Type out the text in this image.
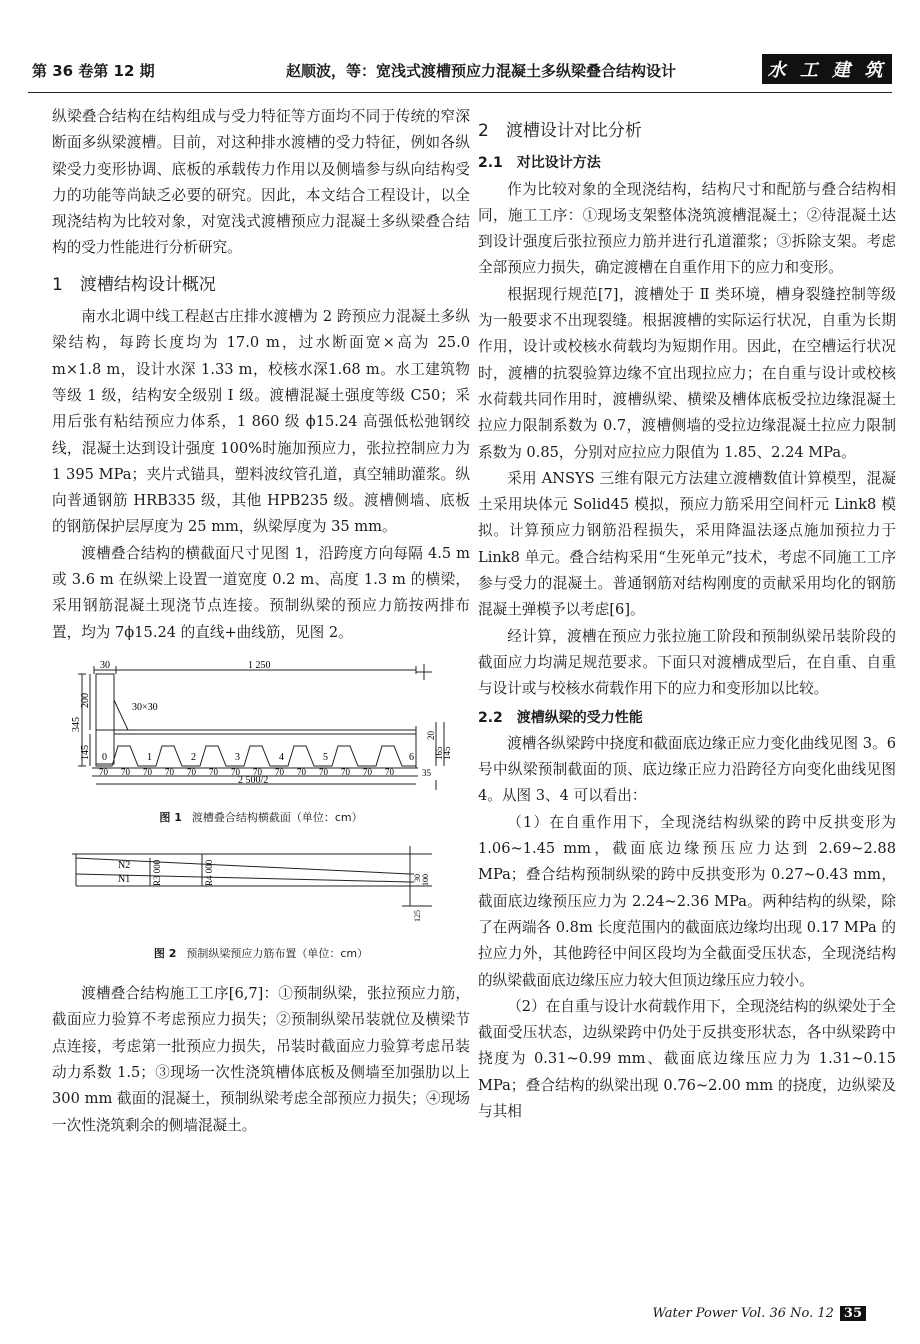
第 36 卷第 12 期	赵顺波，等：宽浅式渡槽预应力混凝土多纵梁叠合结构设计	水 工 建 筑

纵梁叠合结构在结构组成与受力特征等方面均不同于传统的窄深断面多纵梁渡槽。目前，对这种排水渡槽的受力特征，例如各纵梁受力变形协调、底板的承载传力作用以及侧墙参与纵向结构受力的功能等尚缺乏必要的研究。因此，本文结合工程设计，以全现浇结构为比较对象，对宽浅式渡槽预应力混凝土多纵梁叠合结构的受力性能进行分析研究。

1　渡槽结构设计概况

南水北调中线工程赵古庄排水渡槽为 2 跨预应力混凝土多纵梁结构，每跨长度均为 17.0 m，过水断面宽×高为 25.0 m×1.8 m，设计水深 1.33 m，校核水深1.68 m。水工建筑物等级 1 级，结构安全级别 Ⅰ 级。渡槽混凝土强度等级 C50；采用后张有粘结预应力体系，1 860 级 ϕ15.24 高强低松弛钢绞线，混凝土达到设计强度 100%时施加预应力，张拉控制应力为 1 395 MPa；夹片式锚具，塑料波纹管孔道，真空辅助灌浆。纵向普通钢筋 HRB335 级，其他 HPB235 级。渡槽侧墙、底板的钢筋保护层厚度为 25 mm，纵梁厚度为 35 mm。

渡槽叠合结构的横截面尺寸见图 1，沿跨度方向每隔 4.5 m 或 3.6 m 在纵梁上设置一道宽度 0.2 m、高度 1.3 m 的横梁，采用钢筋混凝土现浇节点连接。预制纵梁的预应力筋按两排布置，均为 7ϕ15.24 的直线+曲线筋，见图 2。

30	1 250
30×30
345
200
145
20
165
145
35
2 500/2
0	1	2	3	4	5	6
70 70 70 70 70 70 70 70 70 70 70 70 70 70
图 1 渡槽叠合结构横截面（单位：cm）
N2
N1 R3 000	R4 000	30 100
125
图 2 预制纵梁预应力筋布置（单位：cm）

渡槽叠合结构施工工序[6,7]：①预制纵梁，张拉预应力筋，截面应力验算不考虑预应力损失；②预制纵梁吊装就位及横梁节点连接，考虑第一批预应力损失，吊装时截面应力验算考虑吊装动力系数 1.5；③现场一次性浇筑槽体底板及侧墙至加强肋以上 300 mm 截面的混凝土，预制纵梁考虑全部预应力损失；④现场一次性浇筑剩余的侧墙混凝土。

2　渡槽设计对比分析
2.1　对比设计方法

作为比较对象的全现浇结构，结构尺寸和配筋与叠合结构相同，施工工序：①现场支架整体浇筑渡槽混凝土；②待混凝土达到设计强度后张拉预应力筋并进行孔道灌浆；③拆除支架。考虑全部预应力损失，确定渡槽在自重作用下的应力和变形。

根据现行规范[7]，渡槽处于 Ⅱ 类环境，槽身裂缝控制等级为一般要求不出现裂缝。根据渡槽的实际运行状况，自重为长期作用，设计或校核水荷载均为短期作用。因此，在空槽运行状况时，渡槽的抗裂验算边缘不宜出现拉应力；在自重与设计或校核水荷载共同作用时，渡槽纵梁、横梁及槽体底板受拉边缘混凝土拉应力限制系数为 0.7，渡槽侧墙的受拉边缘混凝土拉应力限制系数为 0.85，分别对应拉应力限值为 1.85、2.24 MPa。

采用 ANSYS 三维有限元方法建立渡槽数值计算模型，混凝土采用块体元 Solid45 模拟，预应力筋采用空间杆元 Link8 模拟。计算预应力钢筋沿程损失，采用降温法逐点施加预拉力于 Link8 单元。叠合结构采用“生死单元”技术，考虑不同施工工序参与受力的混凝土。普通钢筋对结构刚度的贡献采用均化的钢筋混凝土弹模予以考虑[6]。

经计算，渡槽在预应力张拉施工阶段和预制纵梁吊装阶段的截面应力均满足规范要求。下面只对渡槽成型后，在自重、自重与设计或与校核水荷载作用下的应力和变形加以比较。

2.2　渡槽纵梁的受力性能

渡槽各纵梁跨中挠度和截面底边缘正应力变化曲线见图 3。6 号中纵梁预制截面的顶、底边缘正应力沿跨径方向变化曲线见图 4。从图 3、4 可以看出：

（1）在自重作用下，全现浇结构纵梁的跨中反拱变形为 1.06~1.45 mm，截面底边缘预压应力达到 2.69~2.88 MPa；叠合结构预制纵梁的跨中反拱变形为 0.27~0.43 mm，截面底边缘预压应力为 2.24~2.36 MPa。两种结构的纵梁，除了在两端各 0.8m 长度范围内的截面底边缘均出现 0.17 MPa 的拉应力外，其他跨径中间区段均为全截面受压状态，全现浇结构的纵梁截面底边缘压应力较大但顶边缘压应力较小。

（2）在自重与设计水荷载作用下，全现浇结构的纵梁处于全截面受压状态，边纵梁跨中仍处于反拱变形状态，各中纵梁跨中挠度为 0.31~0.99 mm、截面底边缘压应力为 1.31~0.15 MPa；叠合结构的纵梁出现 0.76~2.00 mm 的挠度，边纵梁及与其相

Water Power Vol. 36 No. 12 35
